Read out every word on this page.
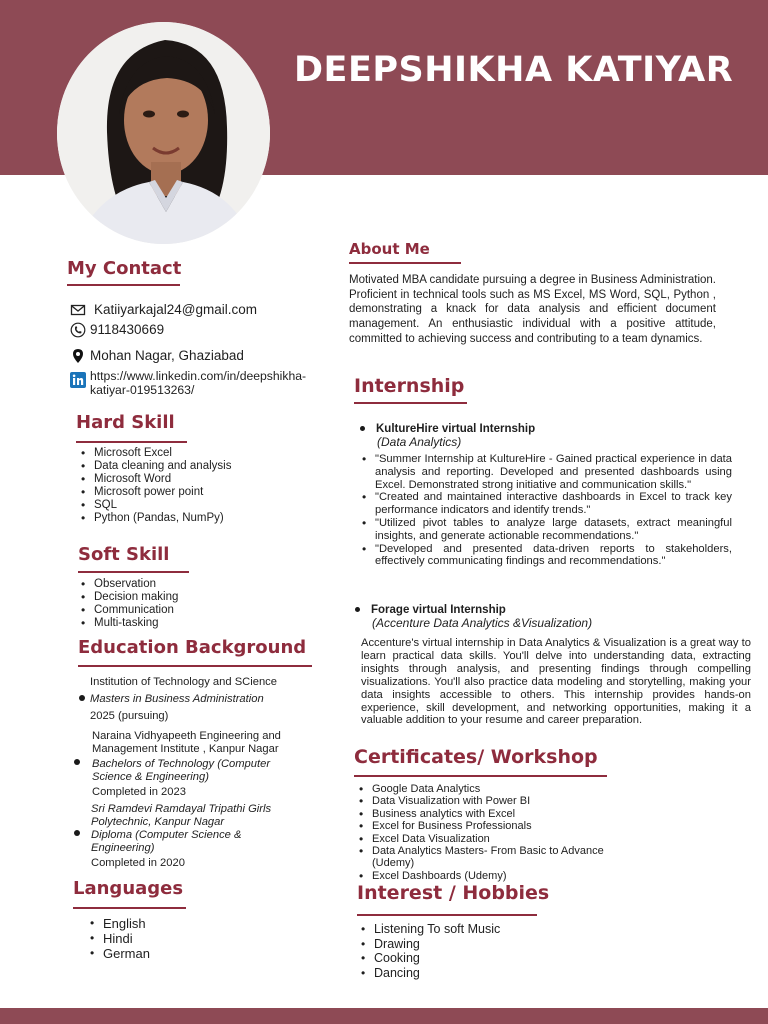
DEEPSHIKHA KATIYAR
My Contact
Katiiyarkajal24@gmail.com
9118430669
Mohan Nagar, Ghaziabad
https://www.linkedin.com/in/deepshikha-
katiyar-019513263/
Hard Skill
• Microsoft Excel
• Data cleaning and analysis
• Microsoft Word
• Microsoft power point
• SQL
• Python (Pandas, NumPy)
Soft Skill
• Observation
• Decision making
• Communication
• Multi-tasking
Education Background
Institution of Technology and SCience
Masters in Business Administration
2025 (pursuing)
Naraina Vidhyapeeth Engineering and
Management Institute , Kanpur Nagar
Bachelors of Technology (Computer
Science & Engineering)
Completed in 2023
Sri Ramdevi Ramdayal Tripathi Girls
Polytechnic, Kanpur Nagar
Diploma (Computer Science &
Engineering)
Completed in 2020
Languages
• English
• Hindi
• German
About Me
Motivated MBA candidate pursuing a degree in Business Administration. Proficient in technical tools such as MS Excel, MS Word, SQL, Python , demonstrating a knack for data analysis and efficient document management. An enthusiastic individual with a positive attitude, committed to achieving success and contributing to a team dynamics.
Internship
KultureHire virtual Internship
(Data Analytics)
• "Summer Internship at KultureHire - Gained practical experience in data analysis and reporting. Developed and presented dashboards using Excel. Demonstrated strong initiative and communication skills."
• "Created and maintained interactive dashboards in Excel to track key performance indicators and identify trends."
• "Utilized pivot tables to analyze large datasets, extract meaningful insights, and generate actionable recommendations."
• "Developed and presented data-driven reports to stakeholders, effectively communicating findings and recommendations."
Forage virtual Internship
(Accenture Data Analytics &Visualization)
Accenture's virtual internship in Data Analytics & Visualization is a great way to learn practical data skills. You'll delve into understanding data, extracting insights through analysis, and presenting findings through compelling visualizations. You'll also practice data modeling and storytelling, making your data insights accessible to others. This internship provides hands-on experience, skill development, and networking opportunities, making it a valuable addition to your resume and career preparation.
Certificates/ Workshop
• Google Data Analytics
• Data Visualization with Power BI
• Business analytics with Excel
• Excel for Business Professionals
• Excel Data Visualization
• Data Analytics Masters- From Basic to Advance
(Udemy)
• Excel Dashboards (Udemy)
Interest / Hobbies
• Listening To soft Music
• Drawing
• Cooking
• Dancing
